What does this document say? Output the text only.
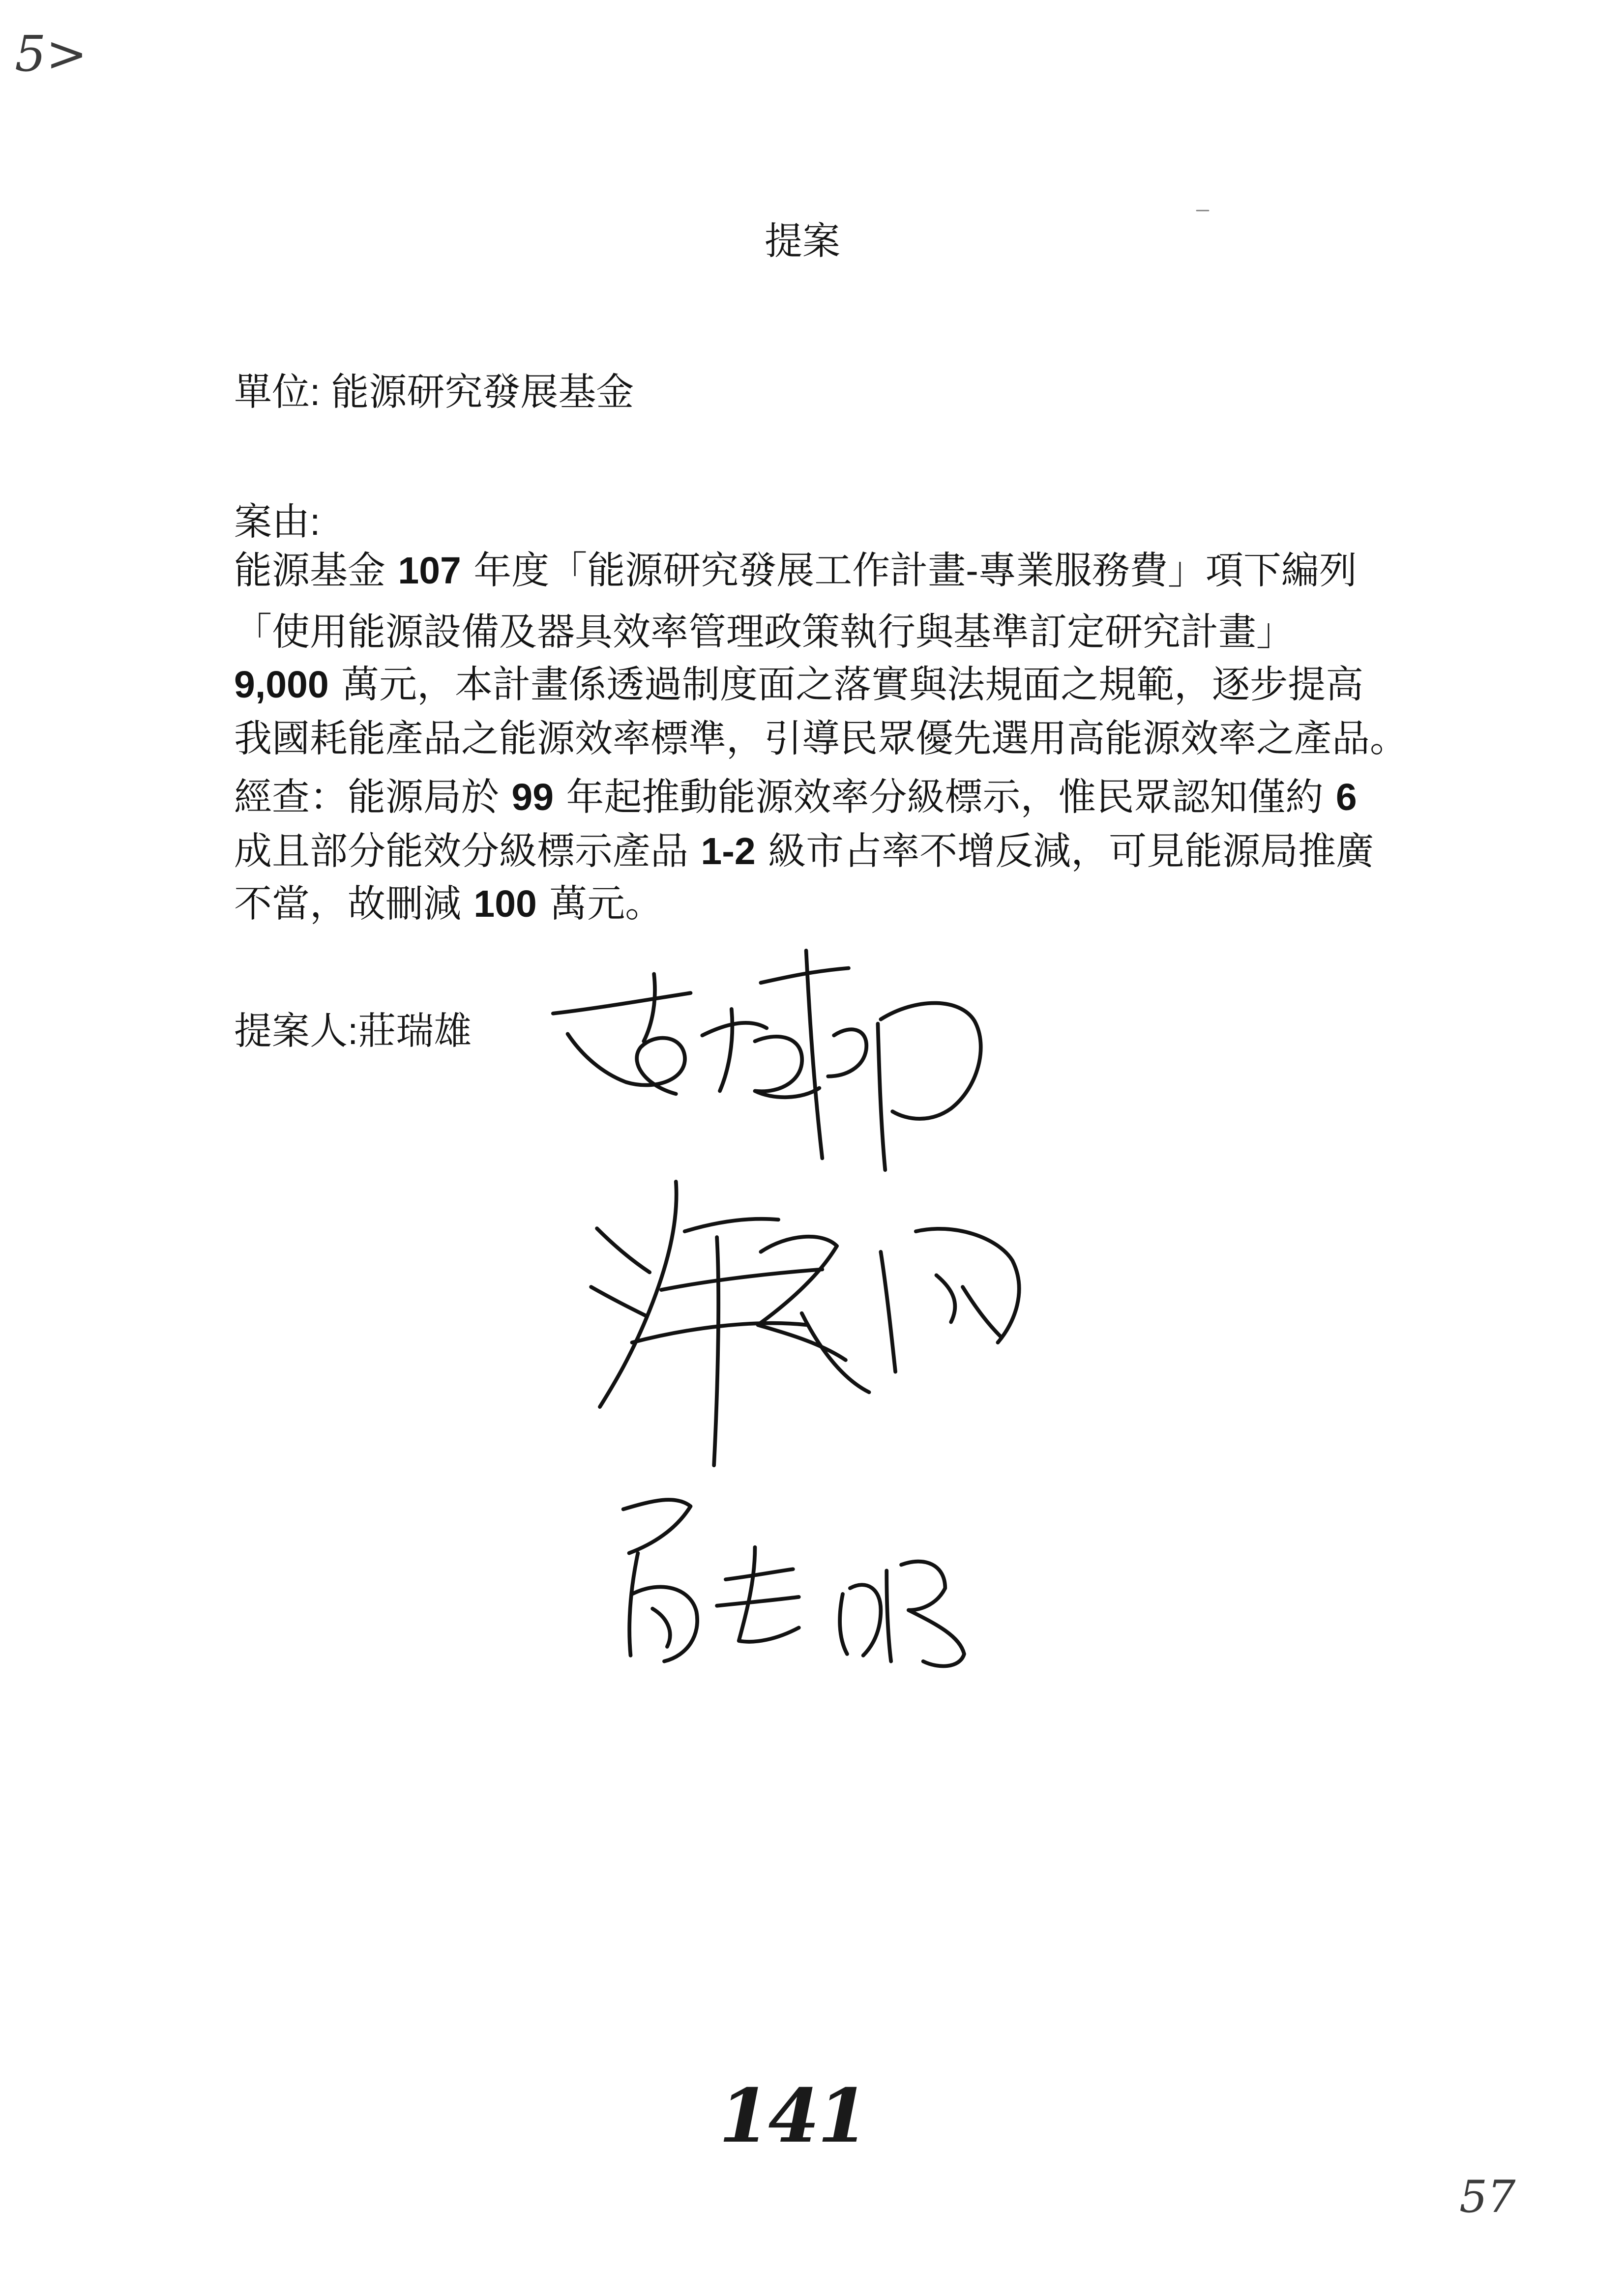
5>
提案
單位: 能源研究發展基金
案由:
能源基金 107 年度「能源研究發展工作計畫-專業服務費」項下編列
「使用能源設備及器具效率管理政策執行與基準訂定研究計畫」
9,000 萬元，本計畫係透過制度面之落實與法規面之規範，逐步提高
我國耗能產品之能源效率標準，引導民眾優先選用高能源效率之產品。
經查：能源局於 99 年起推動能源效率分級標示，惟民眾認知僅約 6
成且部分能效分級標示產品 1-2 級市占率不增反減，可見能源局推廣
不當，故刪減 100 萬元。
提案人:莊瑞雄
141
57
